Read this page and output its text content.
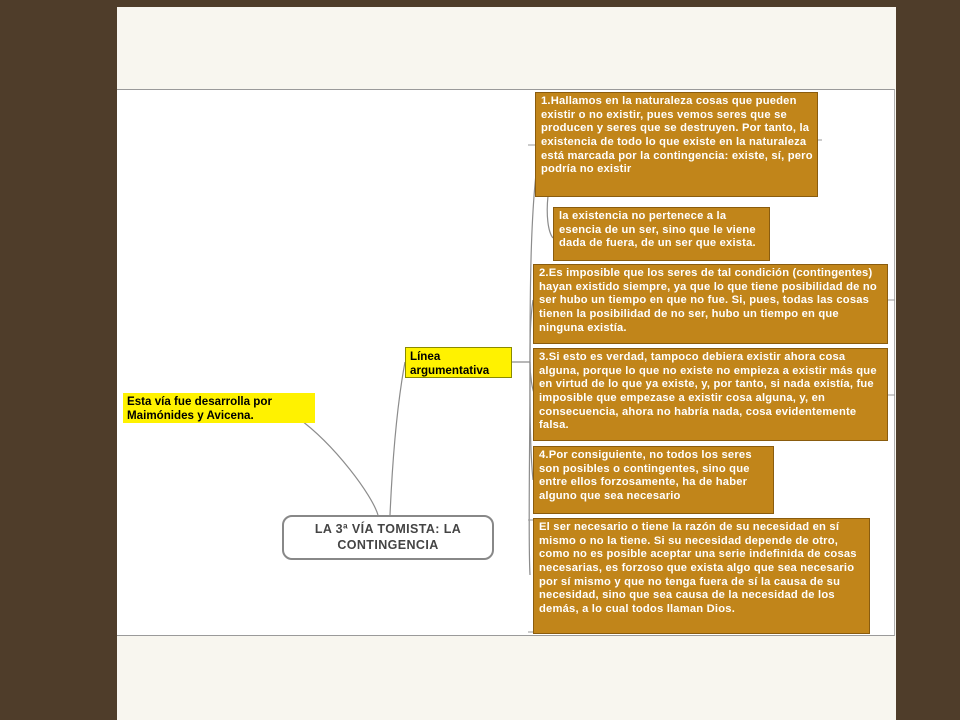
LA 3ª VÍA TOMISTA: LA CONTINGENCIA
Esta vía fue desarrolla por Maimónides y Avicena.
Línea argumentativa
1.Hallamos en la naturaleza cosas que pueden existir o no existir, pues vemos seres que se producen y seres que se destruyen. Por tanto, la existencia de todo lo que existe en la naturaleza está marcada por la contingencia: existe, sí, pero podría no existir
la existencia no pertenece a la esencia de un ser, sino que le viene dada de fuera, de un ser que exista.
2.Es imposible que los seres de tal condición (contingentes) hayan existido siempre, ya que lo que tiene posibilidad de no ser hubo un tiempo en que no fue. Si, pues, todas las cosas tienen la posibilidad de no ser, hubo un tiempo en que ninguna existía.
3.Si esto es verdad, tampoco debiera existir ahora cosa alguna, porque lo que no existe no empieza a existir más que en virtud de lo que ya existe, y, por tanto, si nada existía, fue imposible que empezase a existir cosa alguna, y, en consecuencia, ahora no habría nada, cosa evidentemente falsa.
4.Por consiguiente, no todos los seres son posibles o contingentes, sino que entre ellos forzosamente, ha de haber alguno que sea necesario
El ser necesario o tiene la razón de su necesidad en sí mismo o no la tiene. Si su necesidad depende de otro, como no es posible aceptar una serie indefinida de cosas necesarias, es forzoso que exista algo que sea necesario por sí mismo y que no tenga fuera de sí la causa de su necesidad, sino que sea causa de la necesidad de los demás, a lo cual todos llaman Dios.
